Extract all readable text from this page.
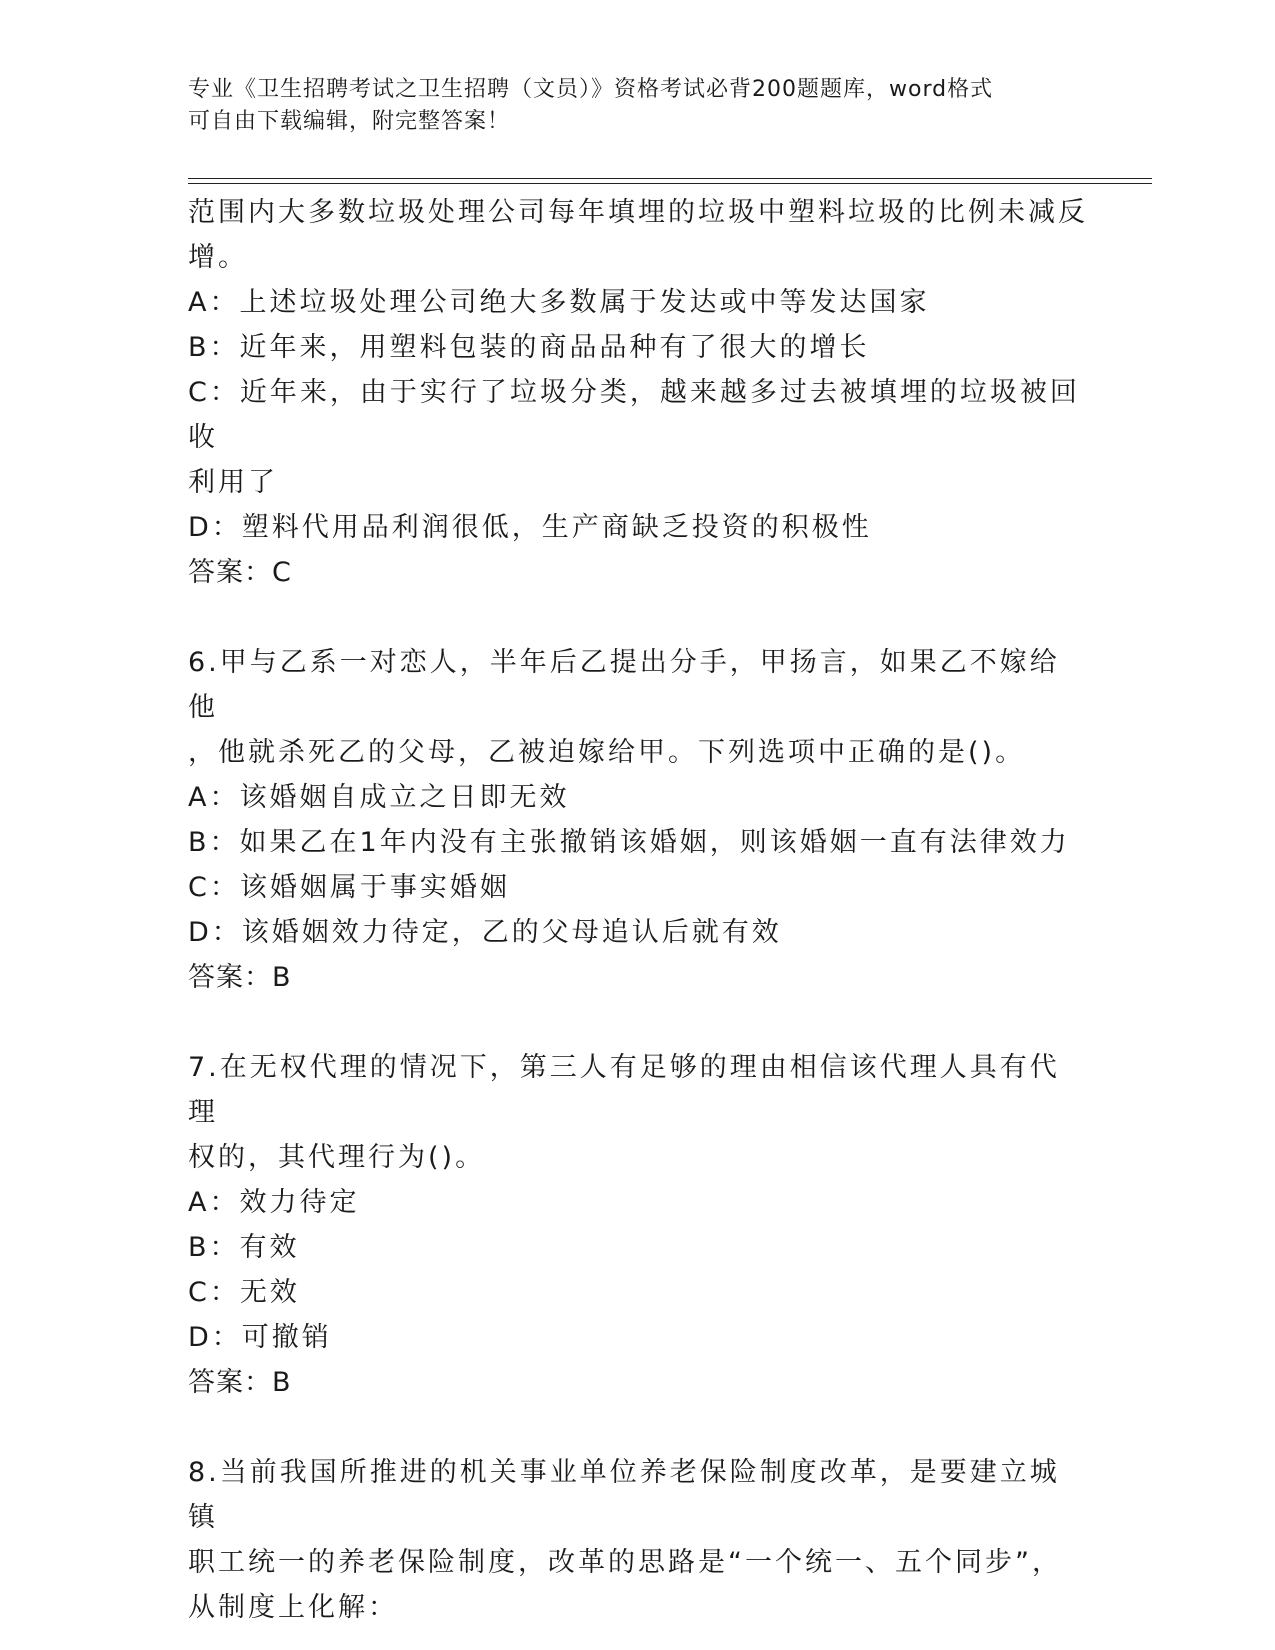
专业《卫生招聘考试之卫生招聘（文员）》资格考试必背200题题库，word格式

可自由下载编辑，附完整答案！

范围内大多数垃圾处理公司每年填埋的垃圾中塑料垃圾的比例未减反

增。

A：上述垃圾处理公司绝大多数属于发达或中等发达国家

B：近年来，用塑料包装的商品品种有了很大的增长

C：近年来，由于实行了垃圾分类，越来越多过去被填埋的垃圾被回收

利用了

D：塑料代用品利润很低，生产商缺乏投资的积极性

答案：C

6.甲与乙系一对恋人，半年后乙提出分手，甲扬言，如果乙不嫁给他

，他就杀死乙的父母，乙被迫嫁给甲。下列选项中正确的是()。

A：该婚姻自成立之日即无效

B：如果乙在1年内没有主张撤销该婚姻，则该婚姻一直有法律效力

C：该婚姻属于事实婚姻

D：该婚姻效力待定，乙的父母追认后就有效

答案：B

7.在无权代理的情况下，第三人有足够的理由相信该代理人具有代理

权的，其代理行为()。

A：效力待定

B：有效

C：无效

D：可撤销

答案：B

8.当前我国所推进的机关事业单位养老保险制度改革，是要建立城镇

职工统一的养老保险制度，改革的思路是“一个统一、五个同步”，

从制度上化解：
